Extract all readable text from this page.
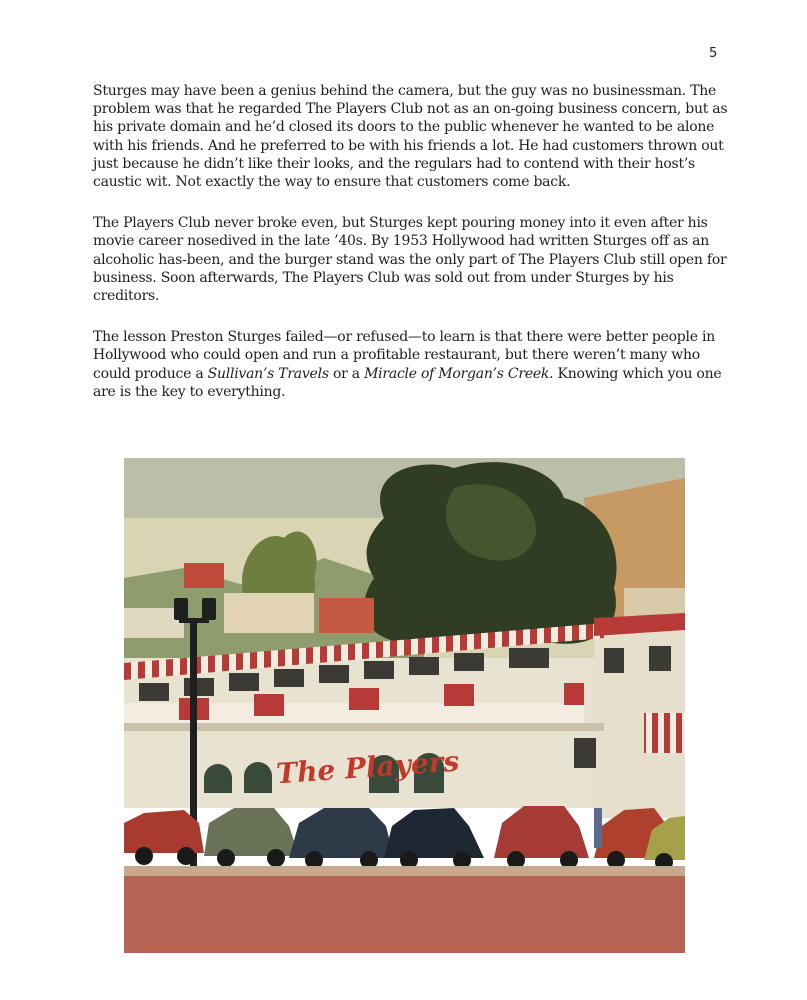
5

Sturges may have been a genius behind the camera, but the guy was no businessman. The problem was that he regarded The Players Club not as an on-going business concern, but as his private domain and he’d closed its doors to the public whenever he wanted to be alone with his friends. And he preferred to be with his friends a lot. He had customers thrown out just because he didn’t like their looks, and the regulars had to contend with their host’s caustic wit. Not exactly the way to ensure that customers come back.

The Players Club never broke even, but Sturges kept pouring money into it even after his movie career nosedived in the late ’40s. By 1953 Hollywood had written Sturges off as an alcoholic has-been, and the burger stand was the only part of The Players Club still open for business. Soon afterwards, The Players Club was sold out from under Sturges by his creditors.

The lesson Preston Sturges failed—or refused—to learn is that there were better people in Hollywood who could open and run a profitable restaurant, but there weren’t many who could produce a Sullivan’s Travels or a Miracle of Morgan’s Creek. Knowing which you one are is the key to everything.

The Players
